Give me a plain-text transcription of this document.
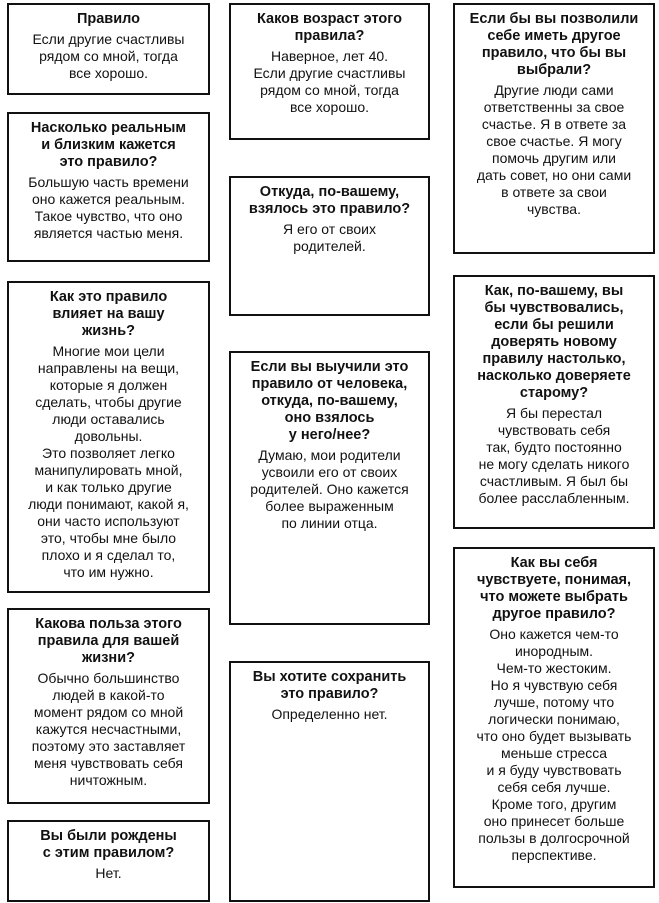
Правило
Если другие счастливы
рядом со мной, тогда
все хорошо.
Насколько реальным
и близким кажется
это правило?
Большую часть времени
оно кажется реальным.
Такое чувство, что оно
является частью меня.
Как это правило
влияет на вашу
жизнь?
Многие мои цели
направлены на вещи,
которые я должен
сделать, чтобы другие
люди оставались
довольны.
Это позволяет легко
манипулировать мной,
и как только другие
люди понимают, какой я,
они часто используют
это, чтобы мне было
плохо и я сделал то,
что им нужно.
Какова польза этого
правила для вашей
жизни?
Обычно большинство
людей в какой-то
момент рядом со мной
кажутся несчастными,
поэтому это заставляет
меня чувствовать себя
ничтожным.
Вы были рождены
с этим правилом?
Нет.
Каков возраст этого
правила?
Наверное, лет 40.
Если другие счастливы
рядом со мной, тогда
все хорошо.
Откуда, по-вашему,
взялось это правило?
Я его от своих
родителей.
Если вы выучили это
правило от человека,
откуда, по-вашему,
оно взялось
у него/нее?
Думаю, мои родители
усвоили его от своих
родителей. Оно кажется
более выраженным
по линии отца.
Вы хотите сохранить
это правило?
Определенно нет.
Если бы вы позволили
себе иметь другое
правило, что бы вы
выбрали?
Другие люди сами
ответственны за свое
счастье. Я в ответе за
свое счастье. Я могу
помочь другим или
дать совет, но они сами
в ответе за свои
чувства.
Как, по-вашему, вы
бы чувствовались,
если бы решили
доверять новому
правилу настолько,
насколько доверяете
старому?
Я бы перестал
чувствовать себя
так, будто постоянно
не могу сделать никого
счастливым. Я был бы
более расслабленным.
Как вы себя
чувствуете, понимая,
что можете выбрать
другое правило?
Оно кажется чем-то
инородным.
Чем-то жестоким.
Но я чувствую себя
лучше, потому что
логически понимаю,
что оно будет вызывать
меньше стресса
и я буду чувствовать
себя себя лучше.
Кроме того, другим
оно принесет больше
пользы в долгосрочной
перспективе.
